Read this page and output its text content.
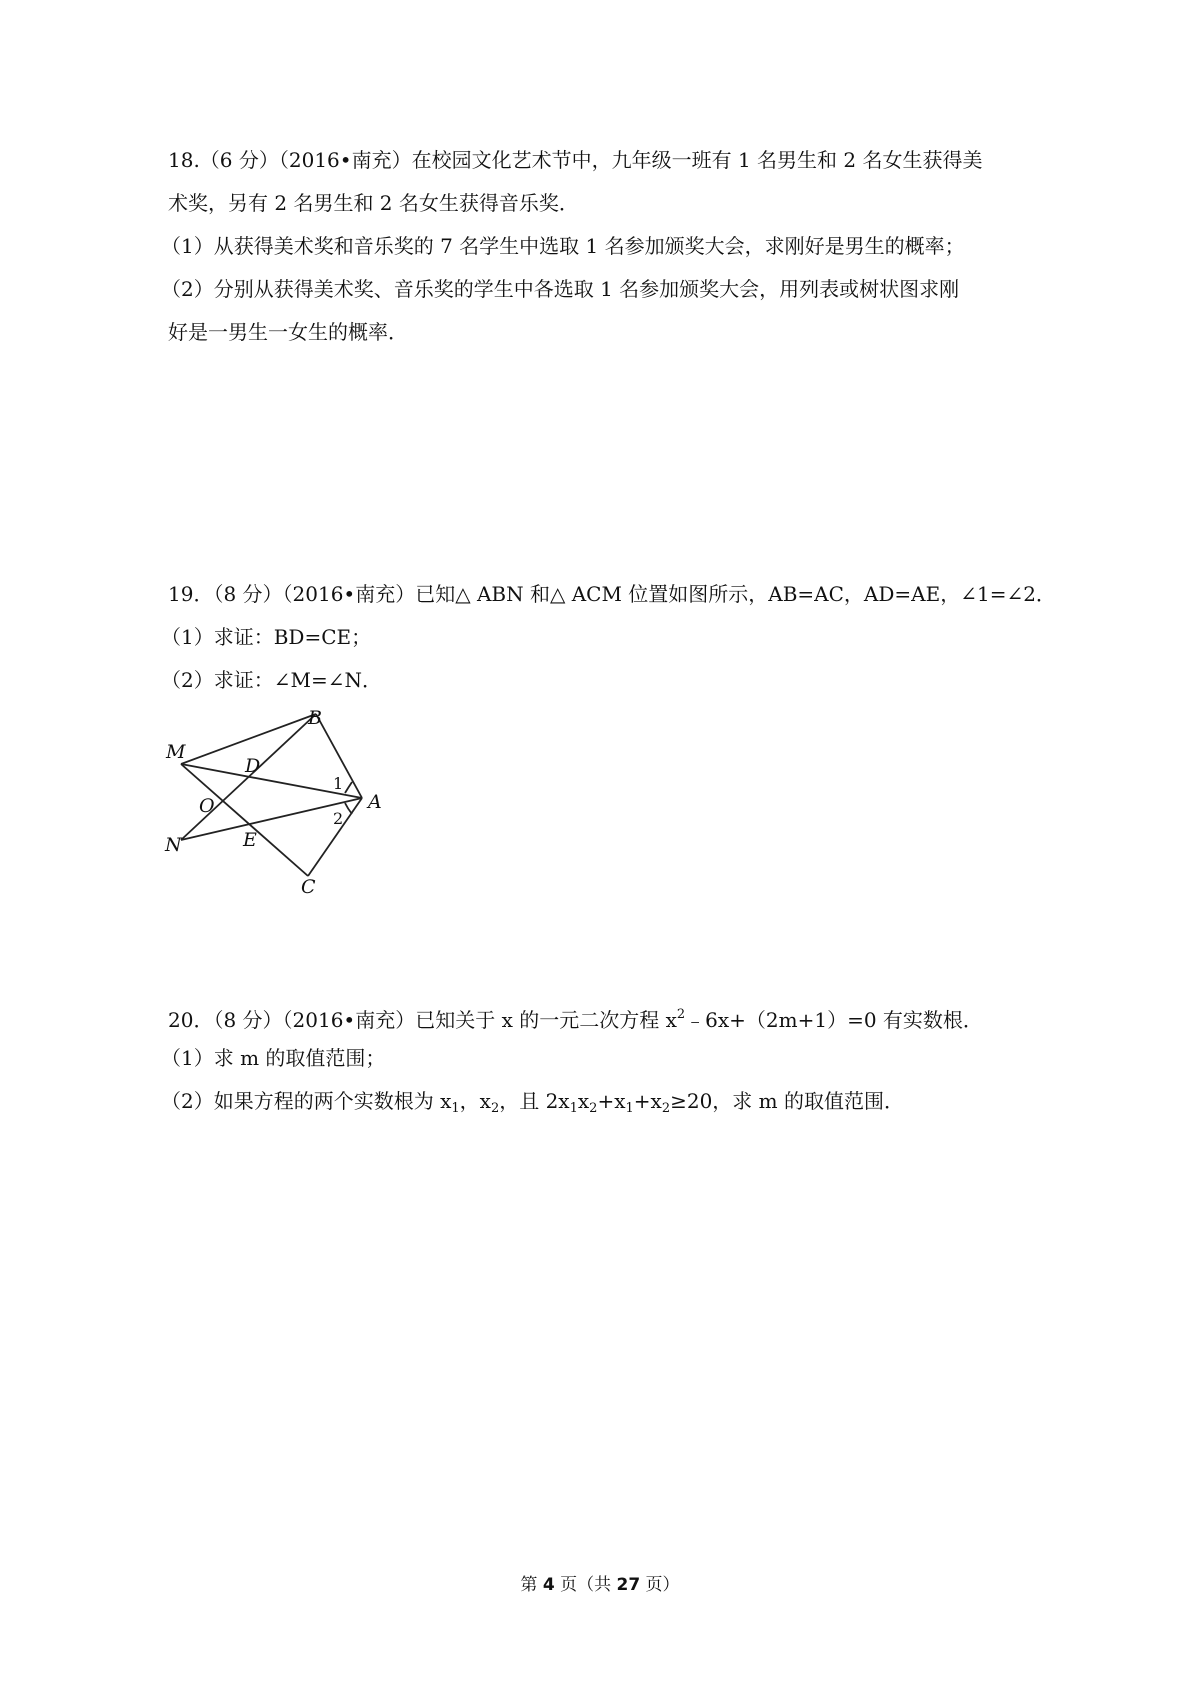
18.（6 分）（2016•南充）在校园文化艺术节中，九年级一班有 1 名男生和 2 名女生获得美
术奖，另有 2 名男生和 2 名女生获得音乐奖．
（1）从获得美术奖和音乐奖的 7 名学生中选取 1 名参加颁奖大会，求刚好是男生的概率；
（2）分别从获得美术奖、音乐奖的学生中各选取 1 名参加颁奖大会，用列表或树状图求刚
好是一男生一女生的概率．
19．（8 分）（2016•南充）已知△ ABN 和△ ACM 位置如图所示，AB=AC，AD=AE，∠1=∠2．
（1）求证：BD=CE；
（2）求证：∠M=∠N．
B
M
D
O	A
N	E
C
1
2
20．（8 分）（2016•南充）已知关于 x 的一元二次方程 $x^2﹣6x+(2m+1)=0$ 有实数根．
（1）求 m 的取值范围；
（2）如果方程的两个实数根为 $x_1$，$x_2$，且 $2x_1x_2+x_1+x_2\ge 20$，求 m 的取值范围．
第 4 页（共 27 页）
